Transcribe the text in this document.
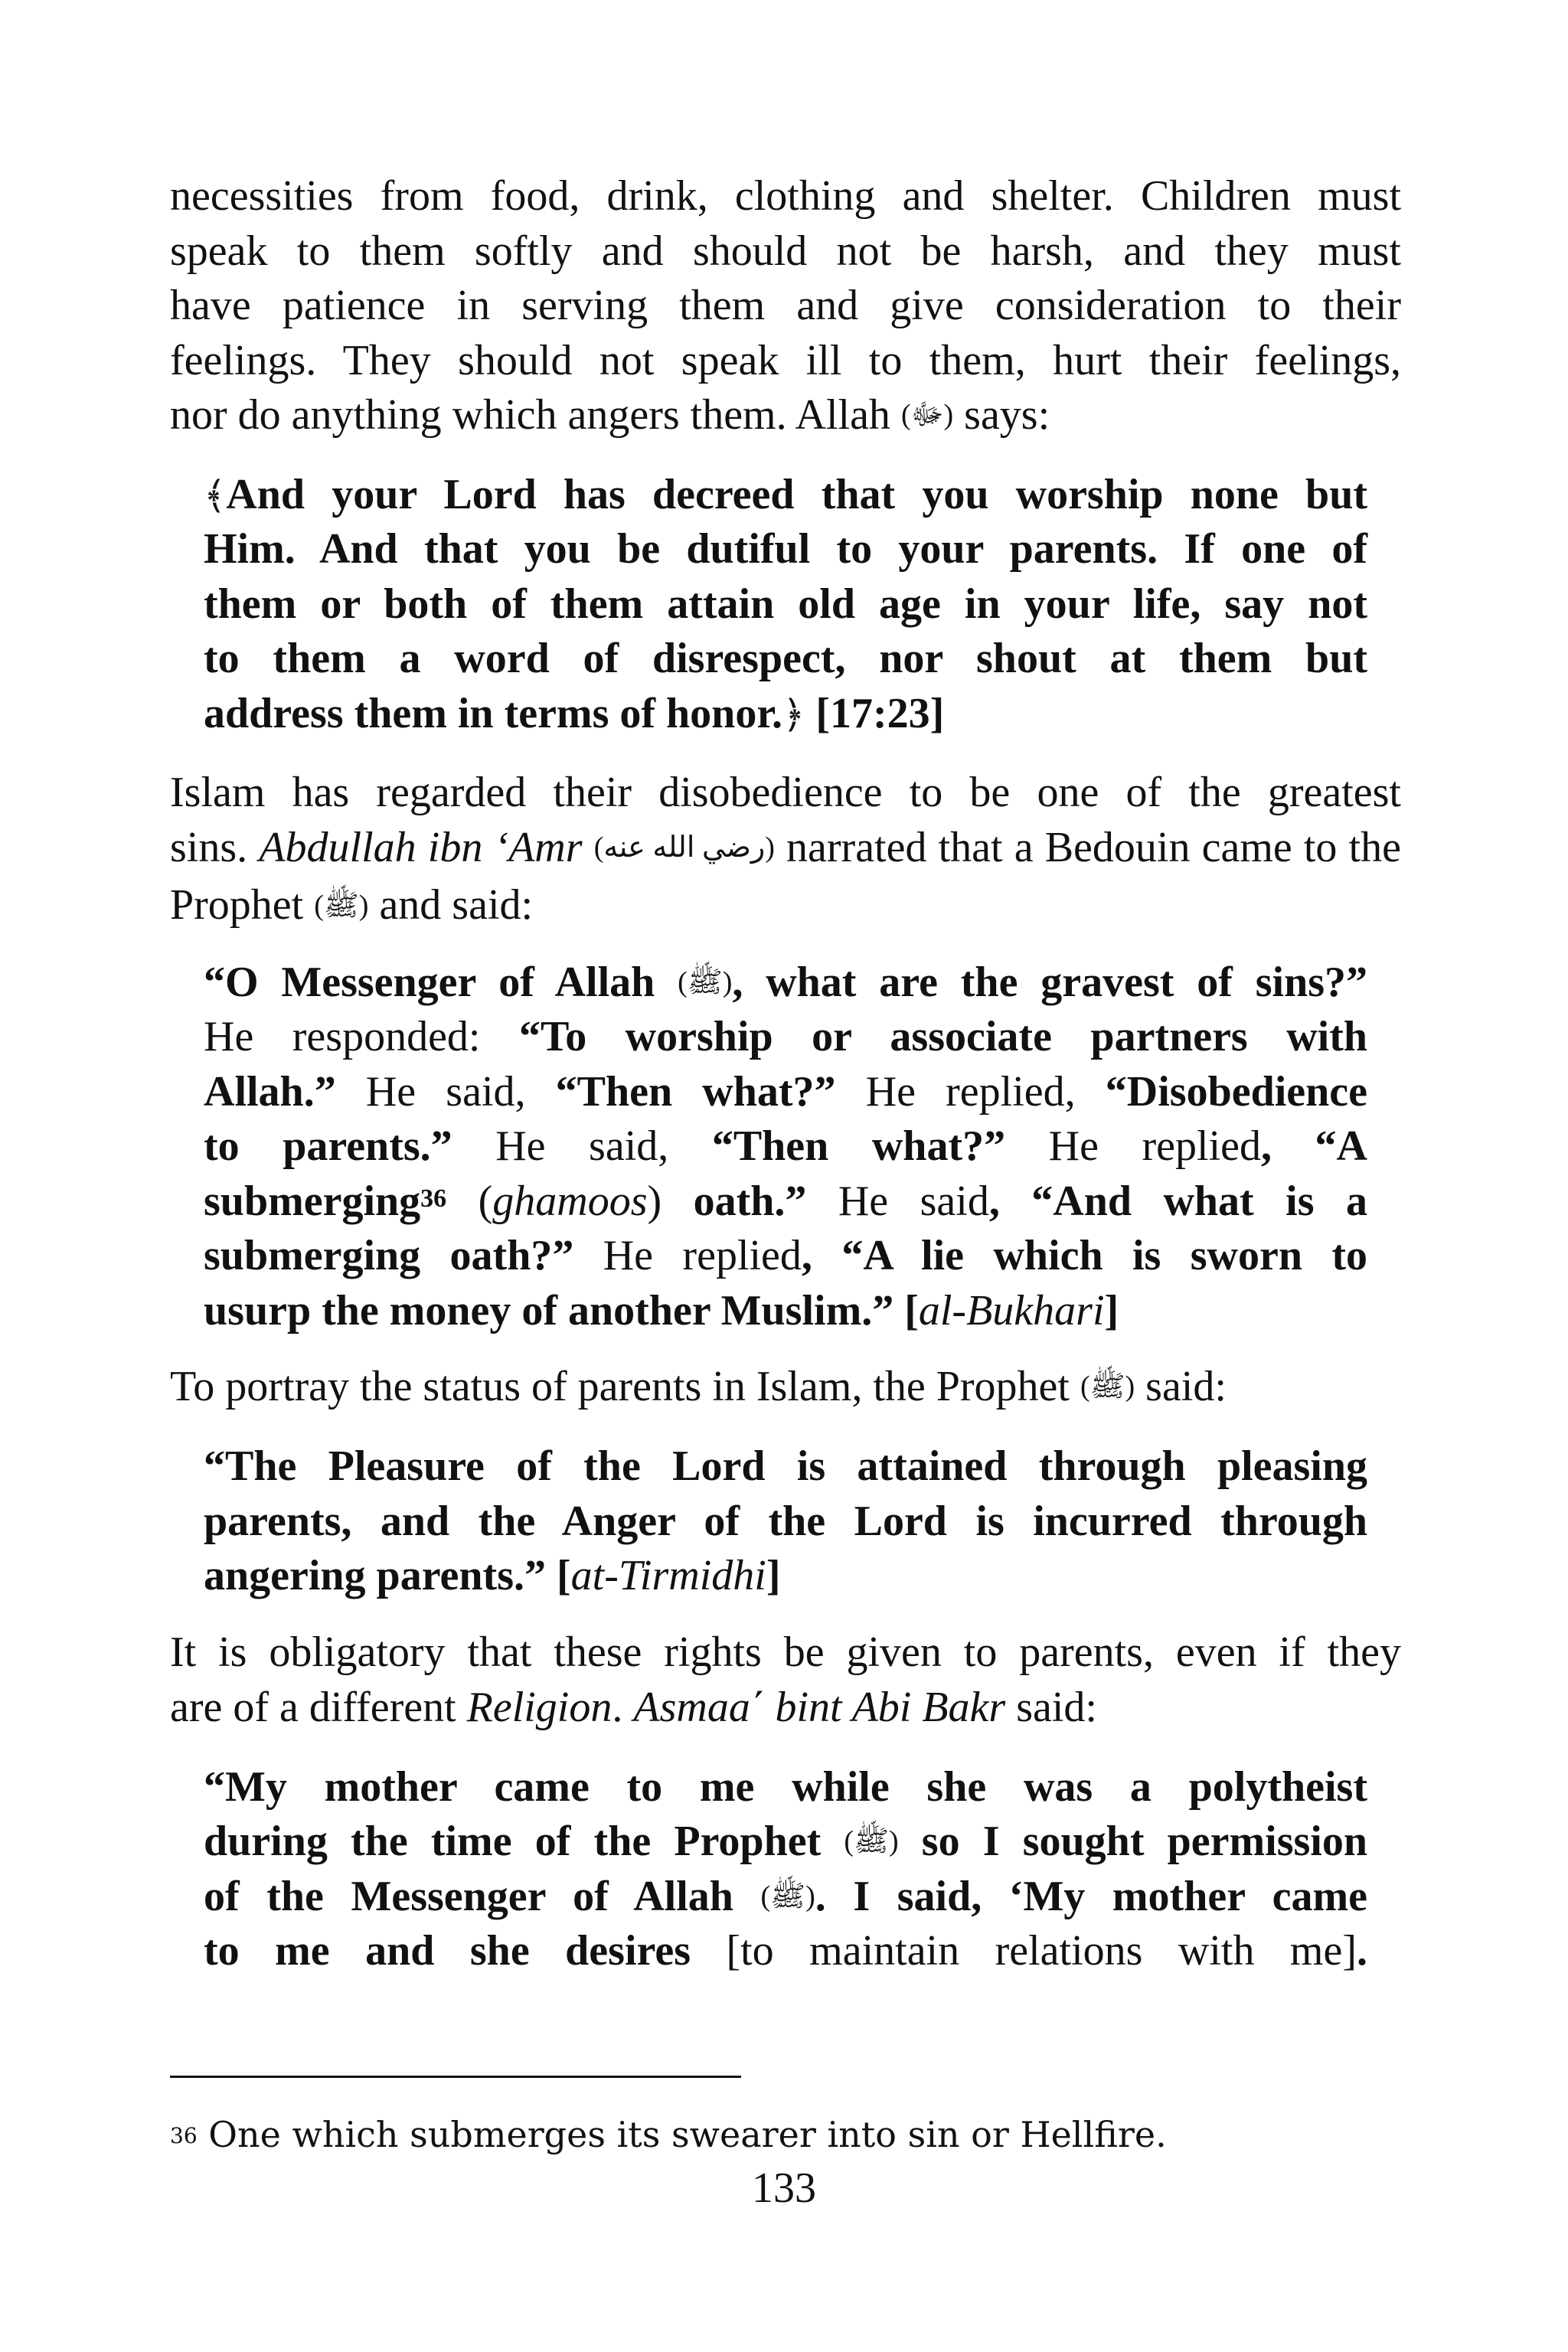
necessities from food, drink, clothing and shelter. Children must

speak to them softly and should not be harsh, and they must

have patience in serving them and give consideration to their

feelings. They should not speak ill to them, hurt their feelings,

nor do anything which angers them. Allah (ﷻ) says:

﴾And your Lord has decreed that you worship none but

Him. And that you be dutiful to your parents. If one of

them or both of them attain old age in your life, say not

to them a word of disrespect, nor shout at them but

address them in terms of honor.﴿ [17:23]

Islam has regarded their disobedience to be one of the greatest

sins. Abdullah ibn ‘Amr (رضي الله عنه) narrated that a Bedouin came to the

Prophet (ﷺ) and said:

“O Messenger of Allah (ﷺ), what are the gravest of sins?”

He responded: “To worship or associate partners with

Allah.” He said, “Then what?” He replied, “Disobedience

to parents.” He said, “Then what?” He replied, “A

submerging$^{36}$ (ghamoos) oath.” He said, “And what is a

submerging oath?” He replied, “A lie which is sworn to

usurp the money of another Muslim.” [al-Bukhari]

To portray the status of parents in Islam, the Prophet (ﷺ) said:

“The Pleasure of the Lord is attained through pleasing

parents, and the Anger of the Lord is incurred through

angering parents.” [at-Tirmidhi]

It is obligatory that these rights be given to parents, even if they

are of a different Religion. Asmaa΄ bint Abi Bakr said:

“My mother came to me while she was a polytheist

during the time of the Prophet (ﷺ) so I sought permission

of the Messenger of Allah (ﷺ). I said, ‘My mother came

to me and she desires [to maintain relations with me].

$^{36}$ One which submerges its swearer into sin or Hellfire.

133
